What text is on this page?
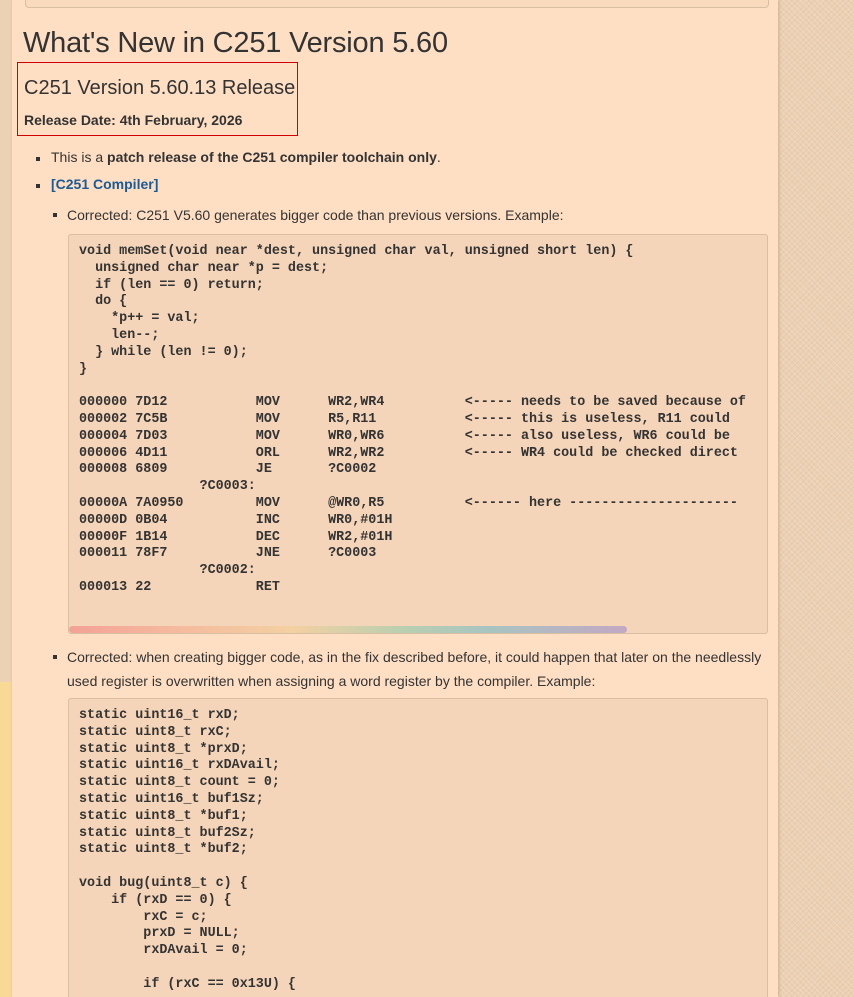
What's New in C251 Version 5.60
C251 Version 5.60.13 Release
Release Date: 4th February, 2026
This is a patch release of the C251 compiler toolchain only.
[C251 Compiler]
Corrected: C251 V5.60 generates bigger code than previous versions. Example:
void memSet(void near *dest, unsigned char val, unsigned short len) {
unsigned char near *p = dest;
if (len == 0) return;
do {
*p++ = val;
len--;
} while (len != 0);
}

000000 7D12           MOV      WR2,WR4          <----- needs to be saved because of
000002 7C5B           MOV      R5,R11           <----- this is useless, R11 could
000004 7D03           MOV      WR0,WR6          <----- also useless, WR6 could be
000006 4D11           ORL      WR2,WR2          <----- WR4 could be checked direct
000008 6809           JE       ?C0002
?C0003:
00000A 7A0950         MOV      @WR0,R5          <------ here ---------------------
00000D 0B04           INC      WR0,#01H
00000F 1B14           DEC      WR2,#01H
000011 78F7           JNE      ?C0003
?C0002:
000013 22             RET
Corrected: when creating bigger code, as in the fix described before, it could happen that later on the needlessly used register is overwritten when assigning a word register by the compiler. Example:
static uint16_t rxD;
static uint8_t rxC;
static uint8_t *prxD;
static uint16_t rxDAvail;
static uint8_t count = 0;
static uint16_t buf1Sz;
static uint8_t *buf1;
static uint8_t buf2Sz;
static uint8_t *buf2;

void bug(uint8_t c) {
if (rxD == 0) {
rxC = c;
prxD = NULL;
rxDAvail = 0;

if (rxC == 0x13U) {
